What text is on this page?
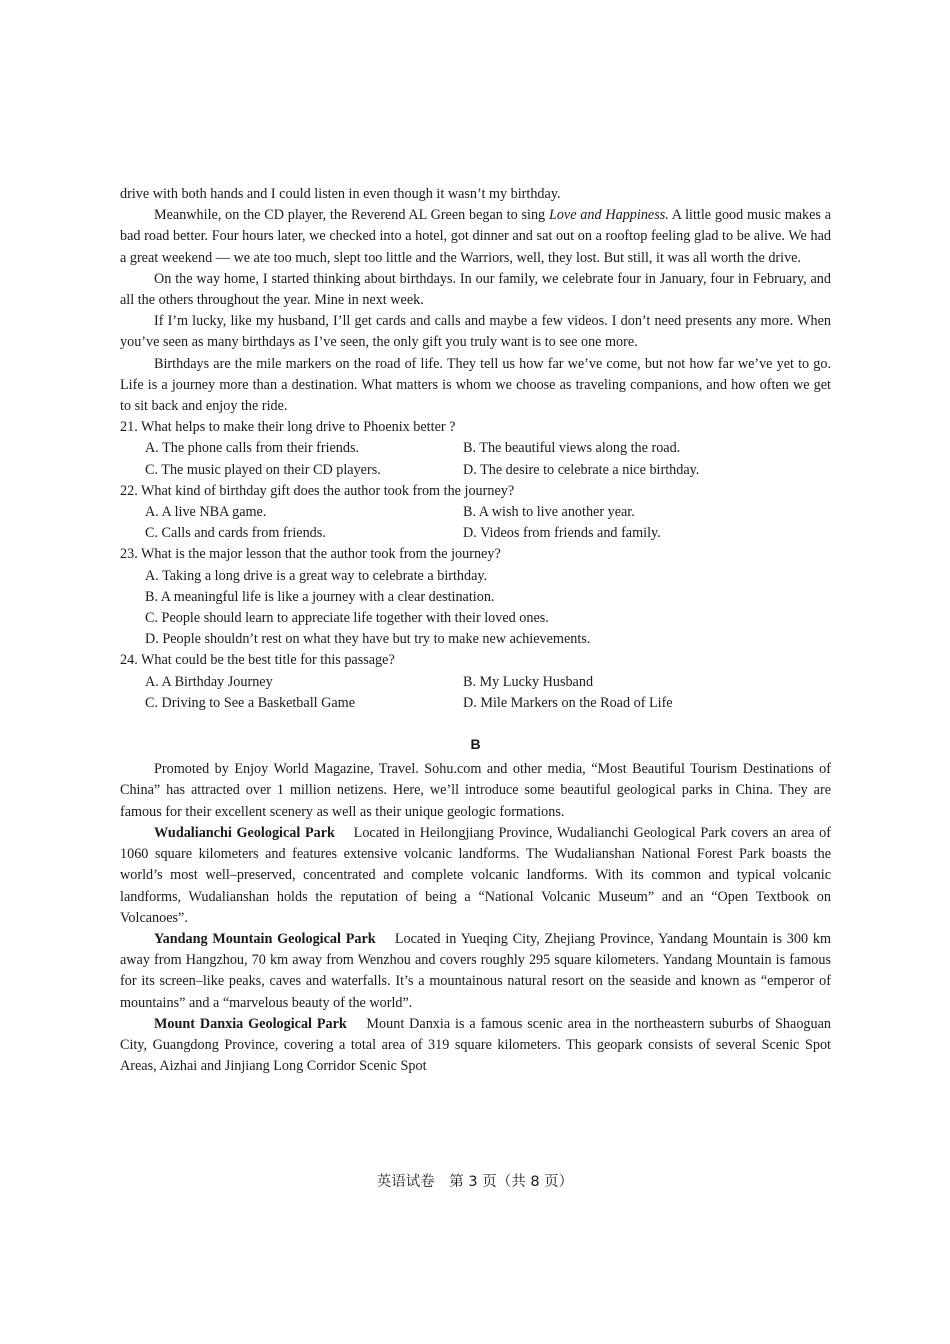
drive with both hands and I could listen in even though it wasn’t my birthday.

Meanwhile, on the CD player, the Reverend AL Green began to sing Love and Happiness. A little good music makes a bad road better. Four hours later, we checked into a hotel, got dinner and sat out on a rooftop feeling glad to be alive. We had a great weekend — we ate too much, slept too little and the Warriors, well, they lost. But still, it was all worth the drive.

On the way home, I started thinking about birthdays. In our family, we celebrate four in January, four in February, and all the others throughout the year. Mine in next week.

If I’m lucky, like my husband, I’ll get cards and calls and maybe a few videos. I don’t need presents any more. When you’ve seen as many birthdays as I’ve seen, the only gift you truly want is to see one more.

Birthdays are the mile markers on the road of life. They tell us how far we’ve come, but not how far we’ve yet to go. Life is a journey more than a destination. What matters is whom we choose as traveling companions, and how often we get to sit back and enjoy the ride.

21. What helps to make their long drive to Phoenix better ?

A. The phone calls from their friends.	B. The beautiful views along the road.
C. The music played on their CD players.	D. The desire to celebrate a nice birthday.

22. What kind of birthday gift does the author took from the journey?

A. A live NBA game.	B. A wish to live another year.
C. Calls and cards from friends.	D. Videos from friends and family.

23. What is the major lesson that the author took from the journey?

A. Taking a long drive is a great way to celebrate a birthday.

B. A meaningful life is like a journey with a clear destination.

C. People should learn to appreciate life together with their loved ones.

D. People shouldn’t rest on what they have but try to make new achievements.

24. What could be the best title for this passage?

A. A Birthday Journey	B. My Lucky Husband
C. Driving to See a Basketball Game	D. Mile Markers on the Road of Life
B

Promoted by Enjoy World Magazine, Travel. Sohu.com and other media, “Most Beautiful Tourism Destinations of China” has attracted over 1 million netizens. Here, we’ll introduce some beautiful geological parks in China. They are famous for their excellent scenery as well as their unique geologic formations.

Wudalianchi Geological Park Located in Heilongjiang Province, Wudalianchi Geological Park covers an area of 1060 square kilometers and features extensive volcanic landforms. The Wudalianshan National Forest Park boasts the world’s most well–preserved, concentrated and complete volcanic landforms. With its common and typical volcanic landforms, Wudalianshan holds the reputation of being a “National Volcanic Museum” and an “Open Textbook on Volcanoes”.

Yandang Mountain Geological Park Located in Yueqing City, Zhejiang Province, Yandang Mountain is 300 km away from Hangzhou, 70 km away from Wenzhou and covers roughly 295 square kilometers. Yandang Mountain is famous for its screen–like peaks, caves and waterfalls. It’s a mountainous natural resort on the seaside and known as “emperor of mountains” and a “marvelous beauty of the world”.

Mount Danxia Geological Park Mount Danxia is a famous scenic area in the northeastern suburbs of Shaoguan City, Guangdong Province, covering a total area of 319 square kilometers. This geopark consists of several Scenic Spot Areas, Aizhai and Jinjiang Long Corridor Scenic Spot

英语试卷　第 3 页（共 8 页）
